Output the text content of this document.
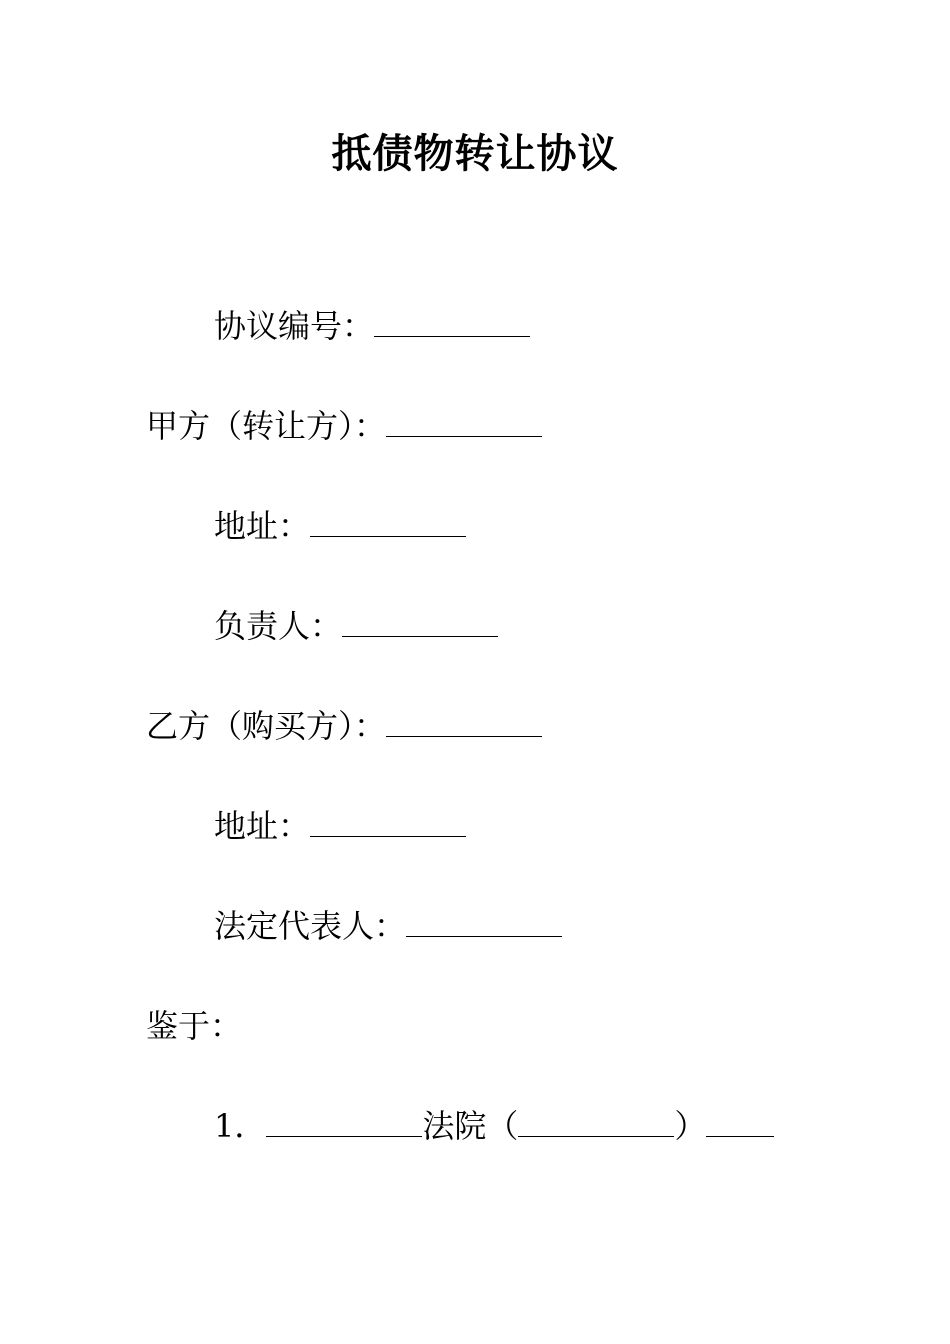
抵债物转让协议
协议编号：
甲方（转让方）：
地址：
负责人：
乙方（购买方）：
地址：
法定代表人：
鉴于：
1．	法院（	）
